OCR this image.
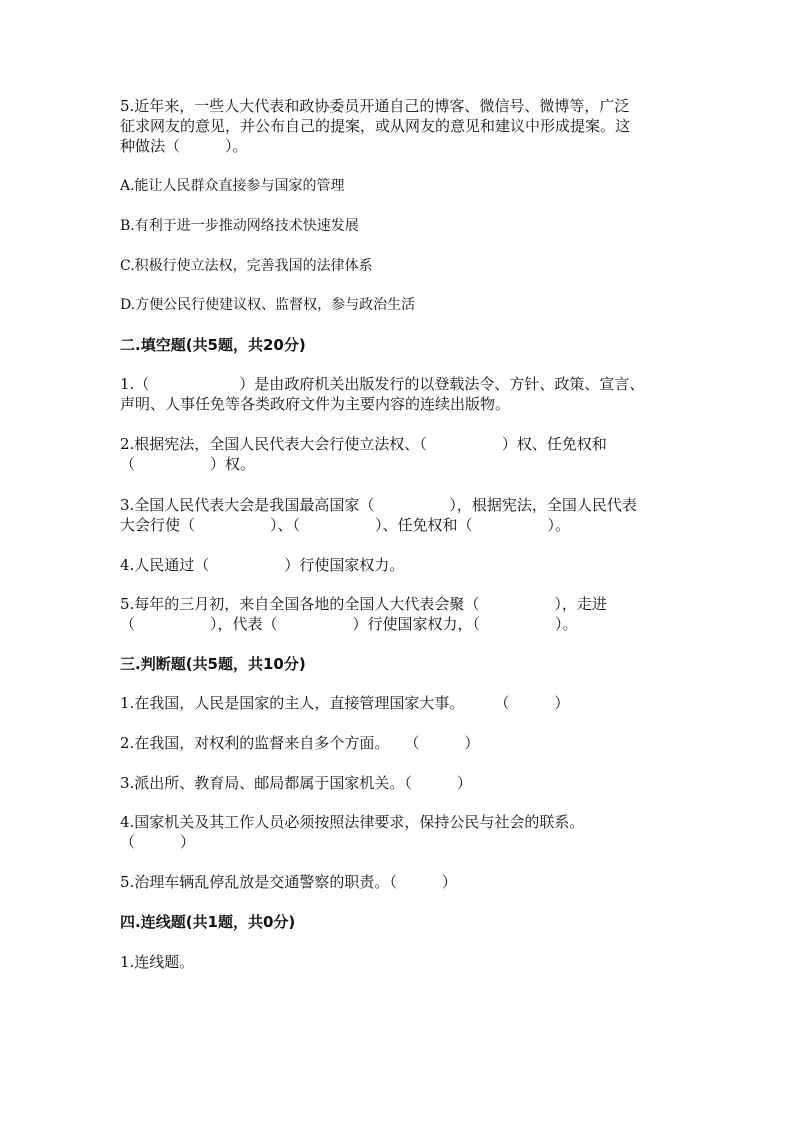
5.近年来，一些人大代表和政协委员开通自己的博客、微信号、微博等，广泛

征求网友的意见，并公布自己的提案，或从网友的意见和建议中形成提案。这

种做法（　　　）。

A.能让人民群众直接参与国家的管理

B.有利于进一步推动网络技术快速发展

C.积极行使立法权，完善我国的法律体系

D.方便公民行使建议权、监督权，参与政治生活

二.填空题(共5题，共20分)

1.（　　　　　　）是由政府机关出版发行的以登载法令、方针、政策、宣言、

声明、人事任免等各类政府文件为主要内容的连续出版物。

2.根据宪法，全国人民代表大会行使立法权、（　　　　　）权、任免权和

（　　　　　）权。

3.全国人民代表大会是我国最高国家（　　　　　），根据宪法，全国人民代表

大会行使（　　　　　）、（　　　　　）、任免权和（　　　　　）。

4.人民通过（　　　　　）行使国家权力。

5.每年的三月初，来自全国各地的全国人大代表会聚（　　　　　），走进

（　　　　　），代表（　　　　　）行使国家权力，（　　　　　）。

三.判断题(共5题，共10分)

1.在我国，人民是国家的主人，直接管理国家大事。　　　（　　　）

2.在我国，对权利的监督来自多个方面。　　（　　　）

3.派出所、教育局、邮局都属于国家机关。（　　　）

4.国家机关及其工作人员必须按照法律要求，保持公民与社会的联系。

（　　　）

5.治理车辆乱停乱放是交通警察的职责。（　　　）

四.连线题(共1题，共0分)

1.连线题。
